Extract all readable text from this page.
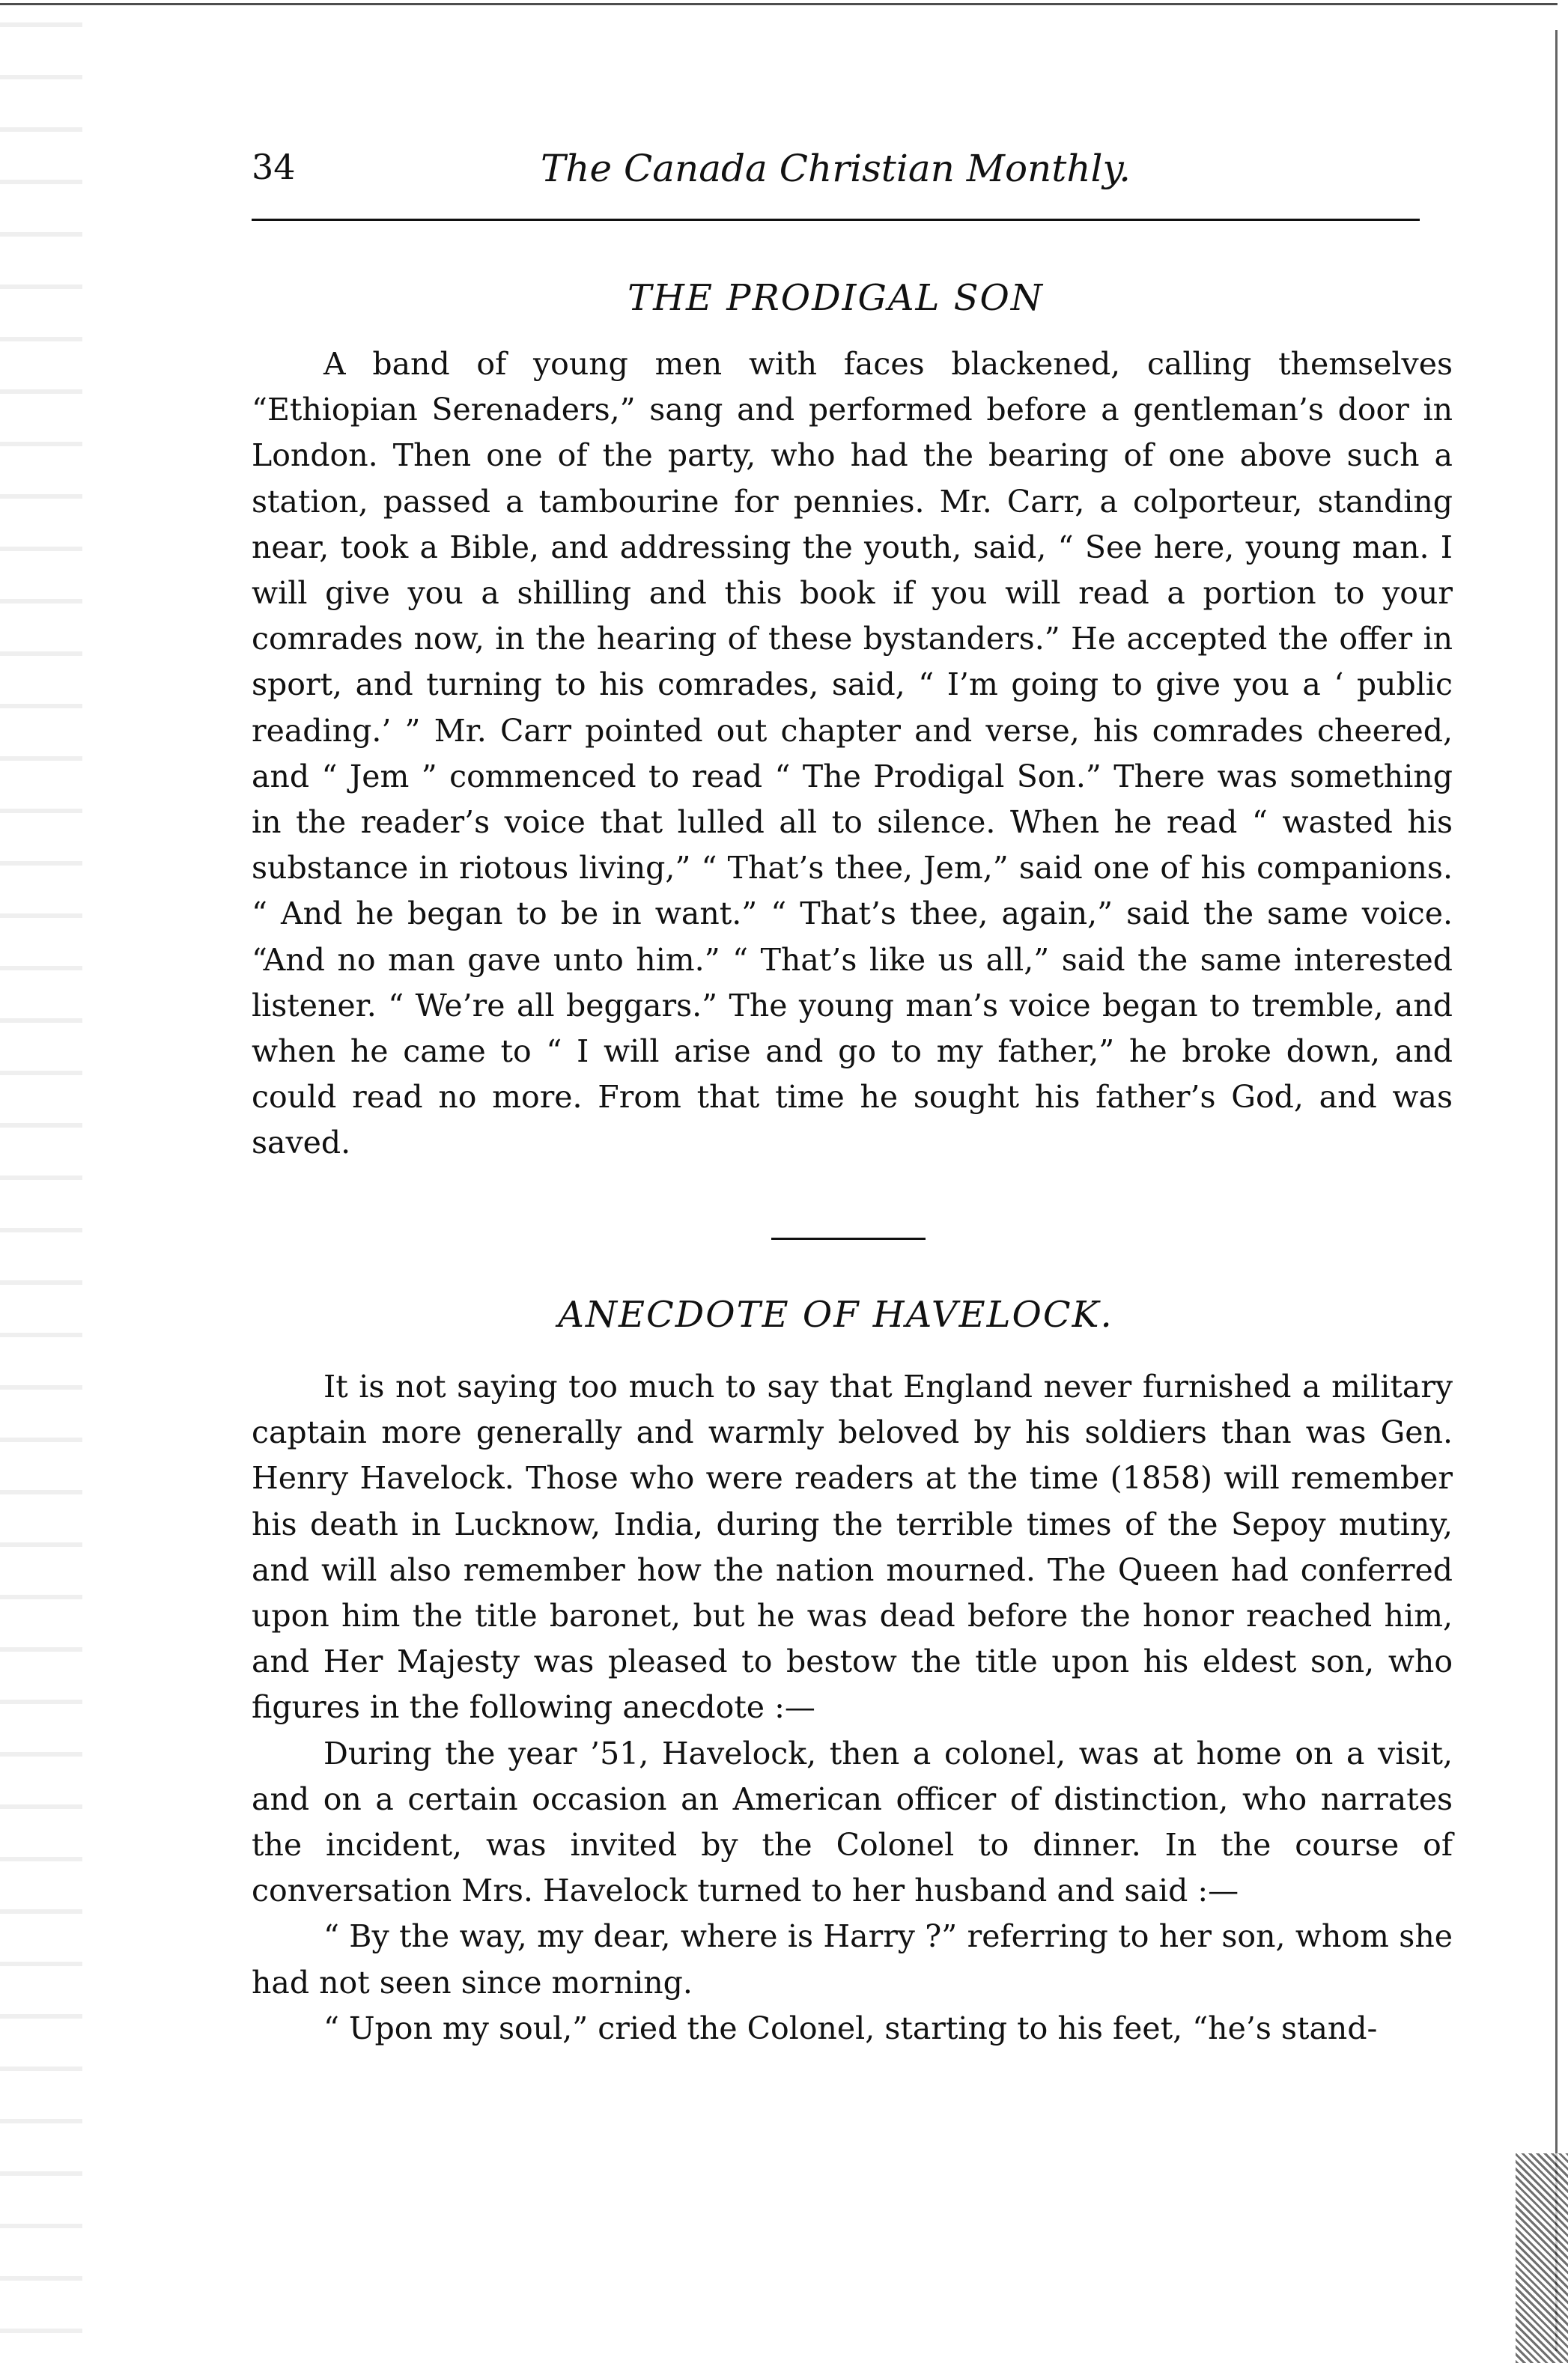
34	The Canada Christian Monthly.
THE PRODIGAL SON

A band of young men with faces blackened, calling themselves “Ethiopian Serenaders,” sang and performed before a gentleman’s door in London. Then one of the party, who had the bearing of one above such a station, passed a tambourine for pennies. Mr. Carr, a colporteur, standing near, took a Bible, and addressing the youth, said, “ See here, young man. I will give you a shilling and this book if you will read a portion to your comrades now, in the hearing of these bystanders.” He accepted the offer in sport, and turning to his comrades, said, “ I’m going to give you a ‘ public reading.’ ” Mr. Carr pointed out chapter and verse, his comrades cheered, and “ Jem ” commenced to read “ The Prodigal Son.” There was something in the reader’s voice that lulled all to silence. When he read “ wasted his substance in riotous living,” “ That’s thee, Jem,” said one of his companions. “ And he began to be in want.” “ That’s thee, again,” said the same voice. “And no man gave unto him.” “ That’s like us all,” said the same interested listener. “ We’re all beggars.” The young man’s voice began to tremble, and when he came to “ I will arise and go to my father,” he broke down, and could read no more. From that time he sought his father’s God, and was saved.

ANECDOTE OF HAVELOCK.

It is not saying too much to say that England never furnished a military captain more generally and warmly beloved by his soldiers than was Gen. Henry Havelock. Those who were readers at the time (1858) will remember his death in Lucknow, India, during the terrible times of the Sepoy mutiny, and will also remember how the nation mourned. The Queen had conferred upon him the title baronet, but he was dead before the honor reached him, and Her Majesty was pleased to bestow the title upon his eldest son, who figures in the following anecdote :—

During the year ’51, Havelock, then a colonel, was at home on a visit, and on a certain occasion an American officer of distinction, who narrates the incident, was invited by the Colonel to dinner. In the course of conversation Mrs. Havelock turned to her husband and said :—

“ By the way, my dear, where is Harry ?” referring to her son, whom she had not seen since morning.

“ Upon my soul,” cried the Colonel, starting to his feet, “he’s stand-
